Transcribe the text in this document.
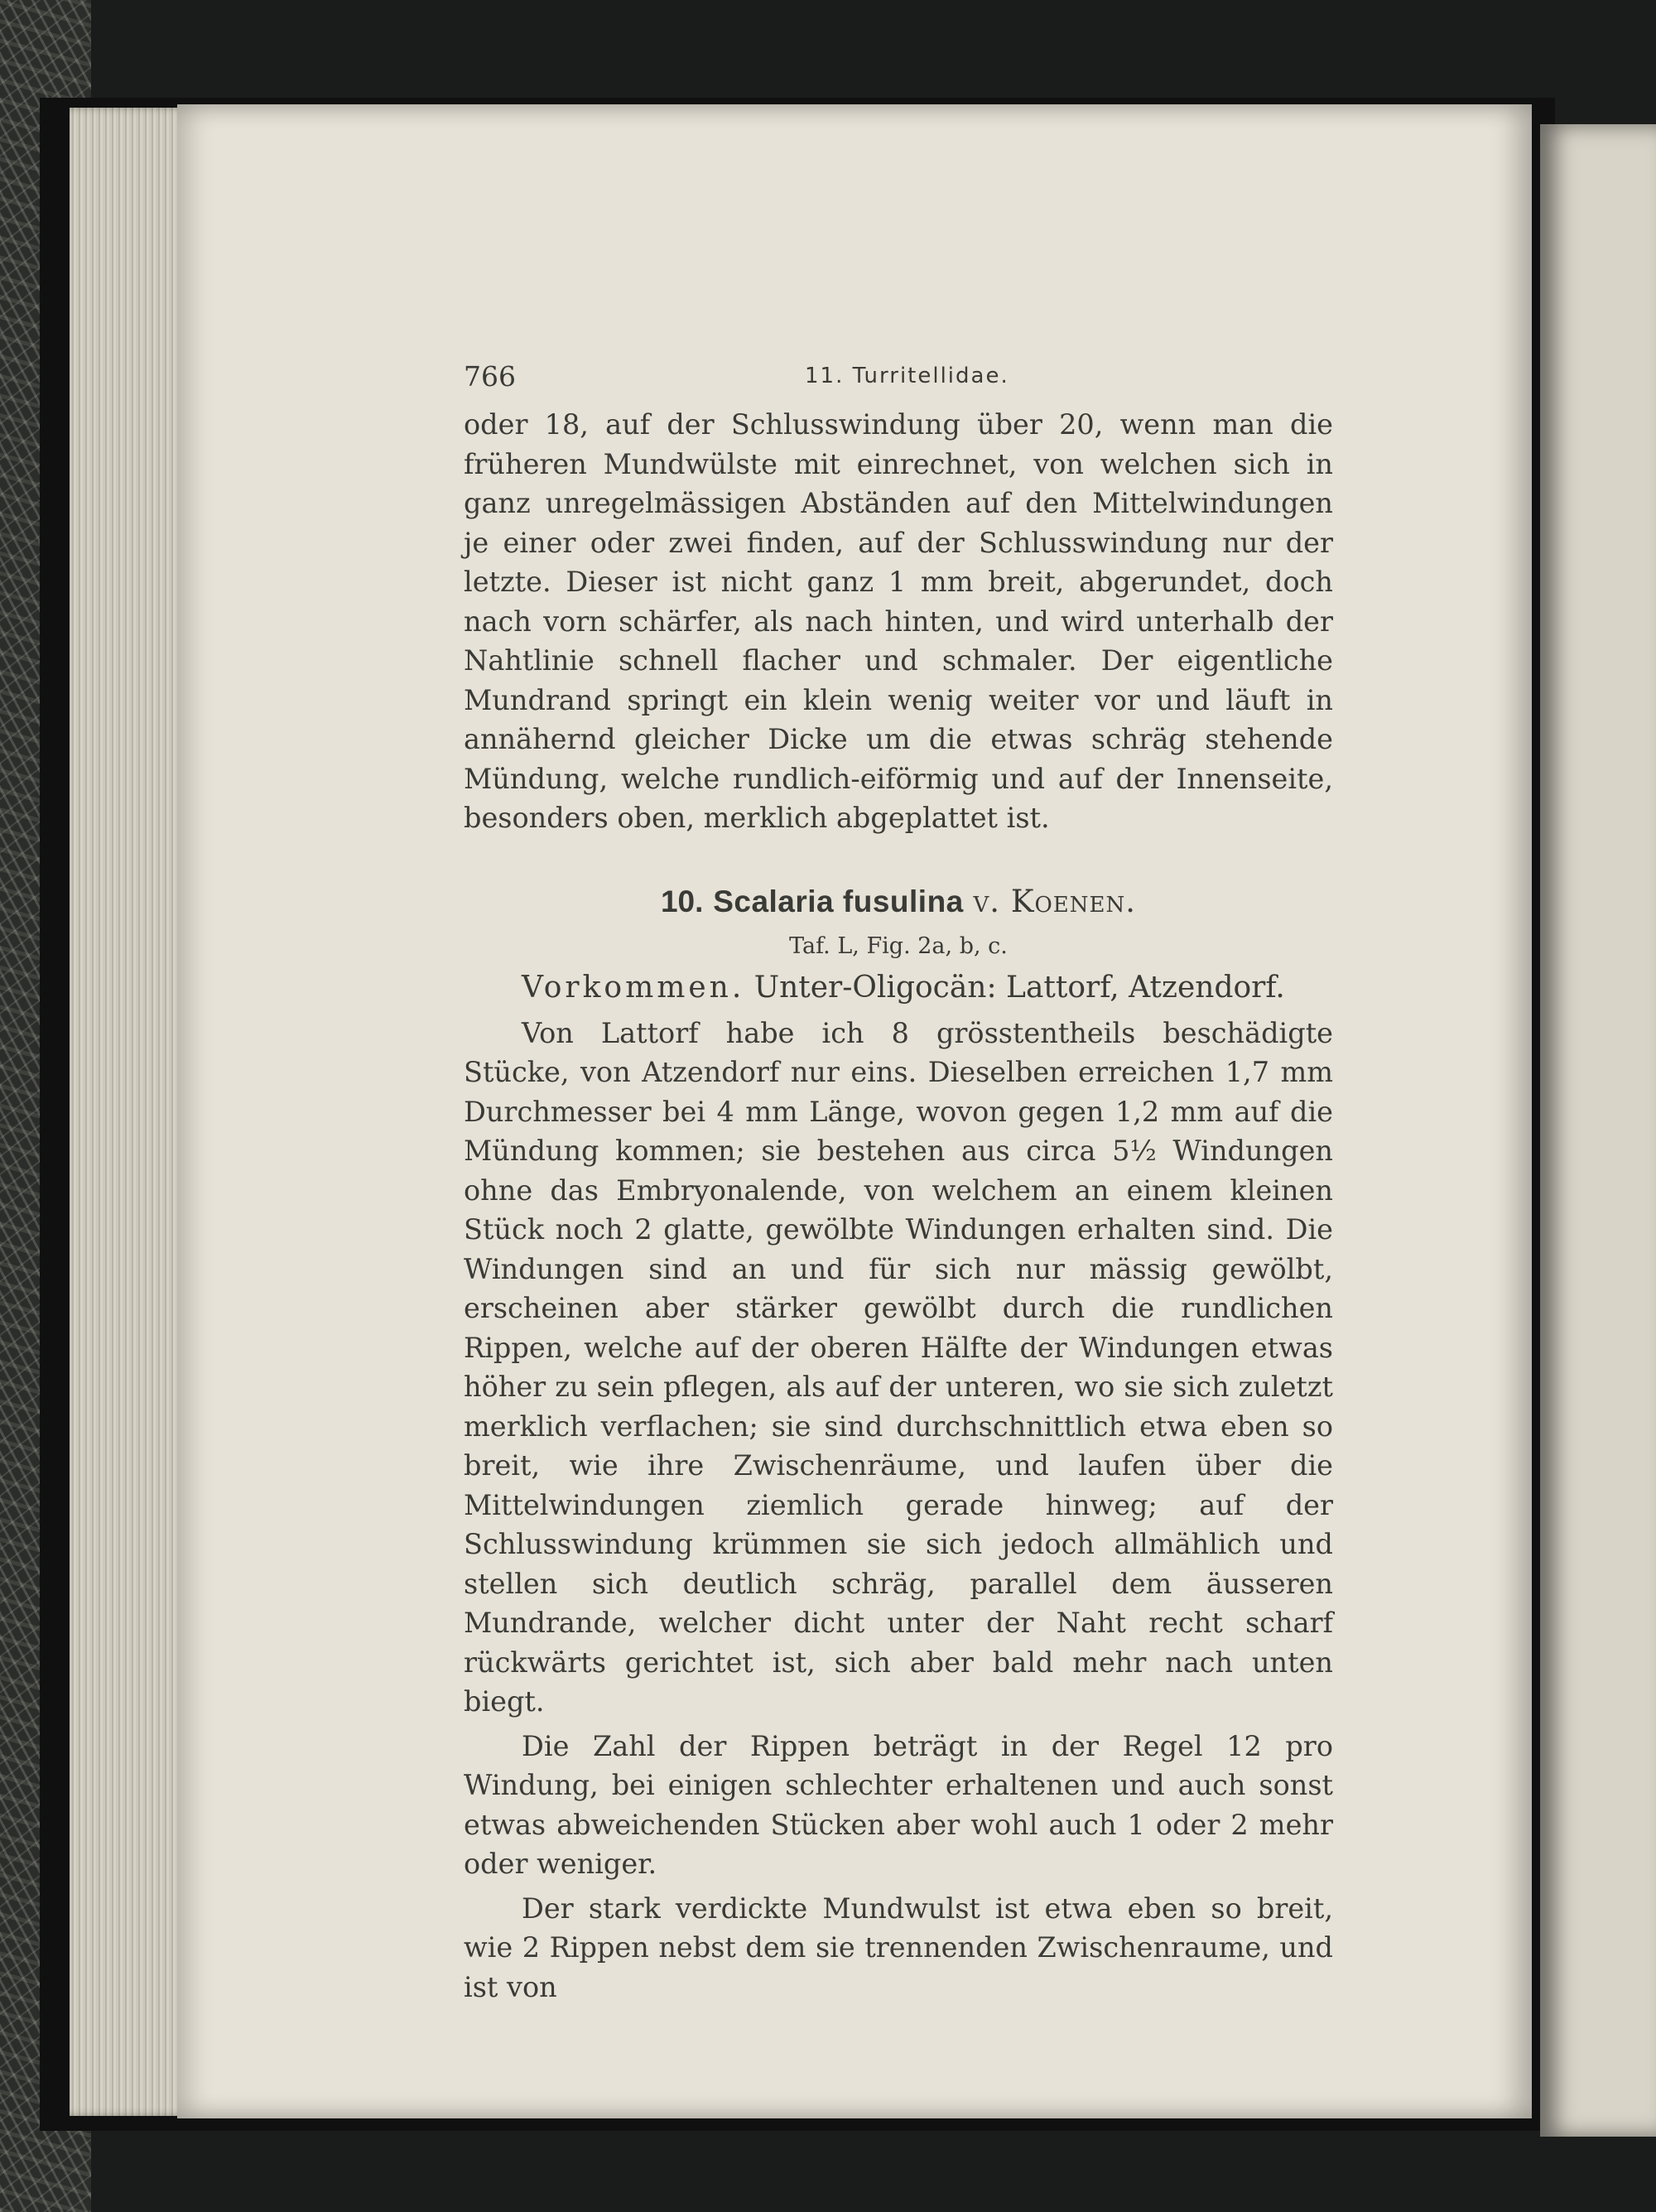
766	11. Turritellidae.

oder 18, auf der Schlusswindung über 20, wenn man die früheren Mundwülste mit einrechnet, von welchen sich in ganz unregelmässigen Abständen auf den Mittelwindungen je einer oder zwei finden, auf der Schlusswindung nur der letzte. Dieser ist nicht ganz 1 mm breit, abgerundet, doch nach vorn schärfer, als nach hinten, und wird unterhalb der Nahtlinie schnell flacher und schmaler. Der eigentliche Mundrand springt ein klein wenig weiter vor und läuft in annähernd gleicher Dicke um die etwas schräg stehende Mündung, welche rundlich-eiförmig und auf der Innenseite, besonders oben, merklich abgeplattet ist.

10. Scalaria fusulina v. Koenen.
Taf. L, Fig. 2a, b, c.

Vorkommen. Unter-Oligocän: Lattorf, Atzendorf.

Von Lattorf habe ich 8 grösstentheils beschädigte Stücke, von Atzendorf nur eins. Dieselben erreichen 1,7 mm Durchmesser bei 4 mm Länge, wovon gegen 1,2 mm auf die Mündung kommen; sie bestehen aus circa 5½ Windungen ohne das Embryonalende, von welchem an einem kleinen Stück noch 2 glatte, gewölbte Windungen erhalten sind. Die Windungen sind an und für sich nur mässig gewölbt, erscheinen aber stärker gewölbt durch die rundlichen Rippen, welche auf der oberen Hälfte der Windungen etwas höher zu sein pflegen, als auf der unteren, wo sie sich zuletzt merklich verflachen; sie sind durchschnittlich etwa eben so breit, wie ihre Zwischenräume, und laufen über die Mittelwindungen ziemlich gerade hinweg; auf der Schlusswindung krümmen sie sich jedoch allmählich und stellen sich deutlich schräg, parallel dem äusseren Mundrande, welcher dicht unter der Naht recht scharf rückwärts gerichtet ist, sich aber bald mehr nach unten biegt.

Die Zahl der Rippen beträgt in der Regel 12 pro Windung, bei einigen schlechter erhaltenen und auch sonst etwas abweichenden Stücken aber wohl auch 1 oder 2 mehr oder weniger.

Der stark verdickte Mundwulst ist etwa eben so breit, wie 2 Rippen nebst dem sie trennenden Zwischenraume, und ist von
